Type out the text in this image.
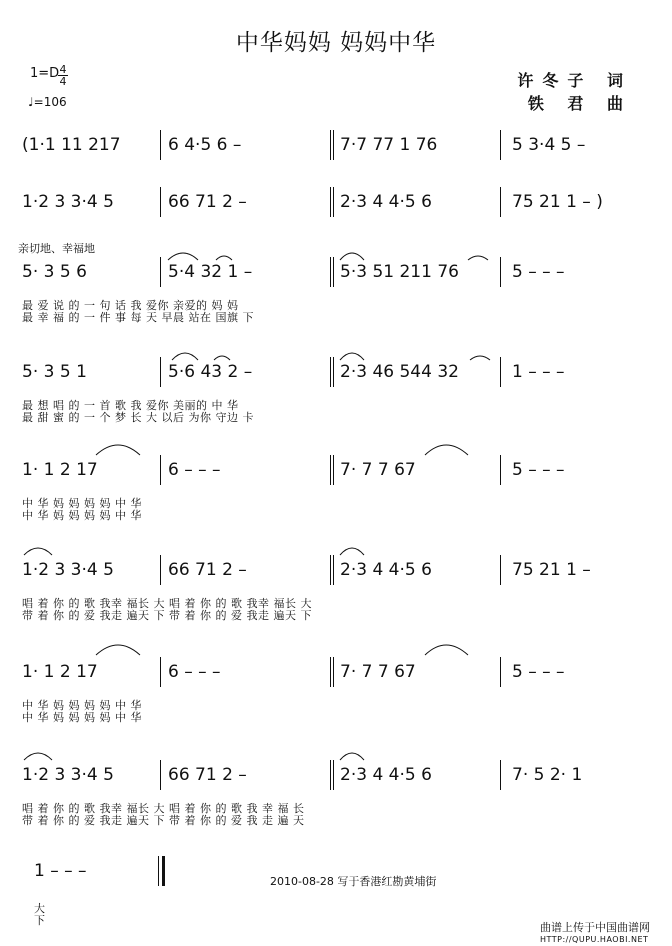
中华妈妈 妈妈中华
1=D 4
4
♩=106
许冬子 词
铁 君 曲
亲切地、幸福地
(1·1 11 217	6 4·5 6 –	7·7 77 1 76	5 3·4 5 –
1·2 3 3·4 5	66 71 2 –	2·3 4 4·5 6	75 21 1 – )
5· 3 5 6	5·4 32 1 –	5·3 51 211 76	5 – – –
5· 3 5 1	5·6 43 2 –	2·3 46 544 32	1 – – –
1· 1 2 17	6 – – –	7· 7 7 67	5 – – –
1·2 3 3·4 5	66 71 2 –	2·3 4 4·5 6	75 21 1 –
1· 1 2 17	6 – – –	7· 7 7 67	5 – – –
1·2 3 3·4 5	66 71 2 –	2·3 4 4·5 6	7· 5 2· 1
1 – – –
2010-08-28 写于香港红勘黄埔街
曲谱上传于中国曲谱网
HTTP://QUPU.HAOBI.NET
最 爱 说 的 一 句 话 我 爱你 亲爱的 妈 妈
最 幸 福 的 一 件 事 每 天 早晨 站在 国旗 下
最 想 唱 的 一 首 歌 我 爱你 美丽的 中 华
最 甜 蜜 的 一 个 梦 长 大 以后 为你 守边 卡
中 华 妈 妈 妈 妈 中 华
中 华 妈 妈 妈 妈 中 华
唱 着 你 的 歌 我幸 福长 大 唱 着 你 的 歌 我幸 福长 大
带 着 你 的 爱 我走 遍天 下 带 着 你 的 爱 我走 遍天 下
中 华 妈 妈 妈 妈 中 华
中 华 妈 妈 妈 妈 中 华
唱 着 你 的 歌 我幸 福长 大 唱 着 你 的 歌 我 幸 福 长
带 着 你 的 爱 我走 遍天 下 带 着 你 的 爱 我 走 遍 天
大
下
